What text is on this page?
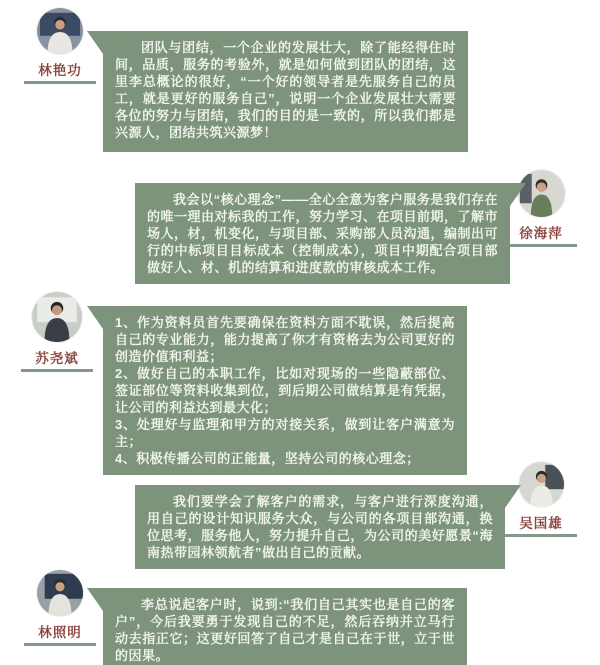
林艳功

团队与团结，一个企业的发展壮大，除了能经得住时间，品质，服务的考验外，就是如何做到团队的团结，这里李总概论的很好，“一个好的领导者是先服务自己的员工，就是更好的服务自己”，说明一个企业发展壮大需要各位的努力与团结，我们的目的是一致的，所以我们都是兴源人，团结共筑兴源梦！

徐海萍

我会以“核心理念”——全心全意为客户服务是我们存在的唯一理由对标我的工作，努力学习、在项目前期，了解市场人，材，机变化，与项目部、采购部人员沟通，编制出可行的中标项目目标成本（控制成本），项目中期配合项目部做好人、材、机的结算和进度款的审核成本工作。

苏尧斌

1、作为资料员首先要确保在资料方面不耽误，然后提高自己的专业能力，能力提高了你才有资格去为公司更好的创造价值和利益；

2、做好自己的本职工作，比如对现场的一些隐蔽部位、签证部位等资料收集到位，到后期公司做结算是有凭据，让公司的利益达到最大化；

3、处理好与监理和甲方的对接关系，做到让客户满意为主；

4、积极传播公司的正能量，坚持公司的核心理念；

吴国雄

我们要学会了解客户的需求，与客户进行深度沟通，用自己的设计知识服务大众，与公司的各项目部沟通，换位思考，服务他人，努力提升自己，为公司的美好愿景“海南热带园林领航者”做出自己的贡献。

林照明

李总说起客户时，说到:“我们自己其实也是自己的客户”，今后我要勇于发现自己的不足，然后吞纳并立马行动去指正它；这更好回答了自己才是自己在于世，立于世的因果。
